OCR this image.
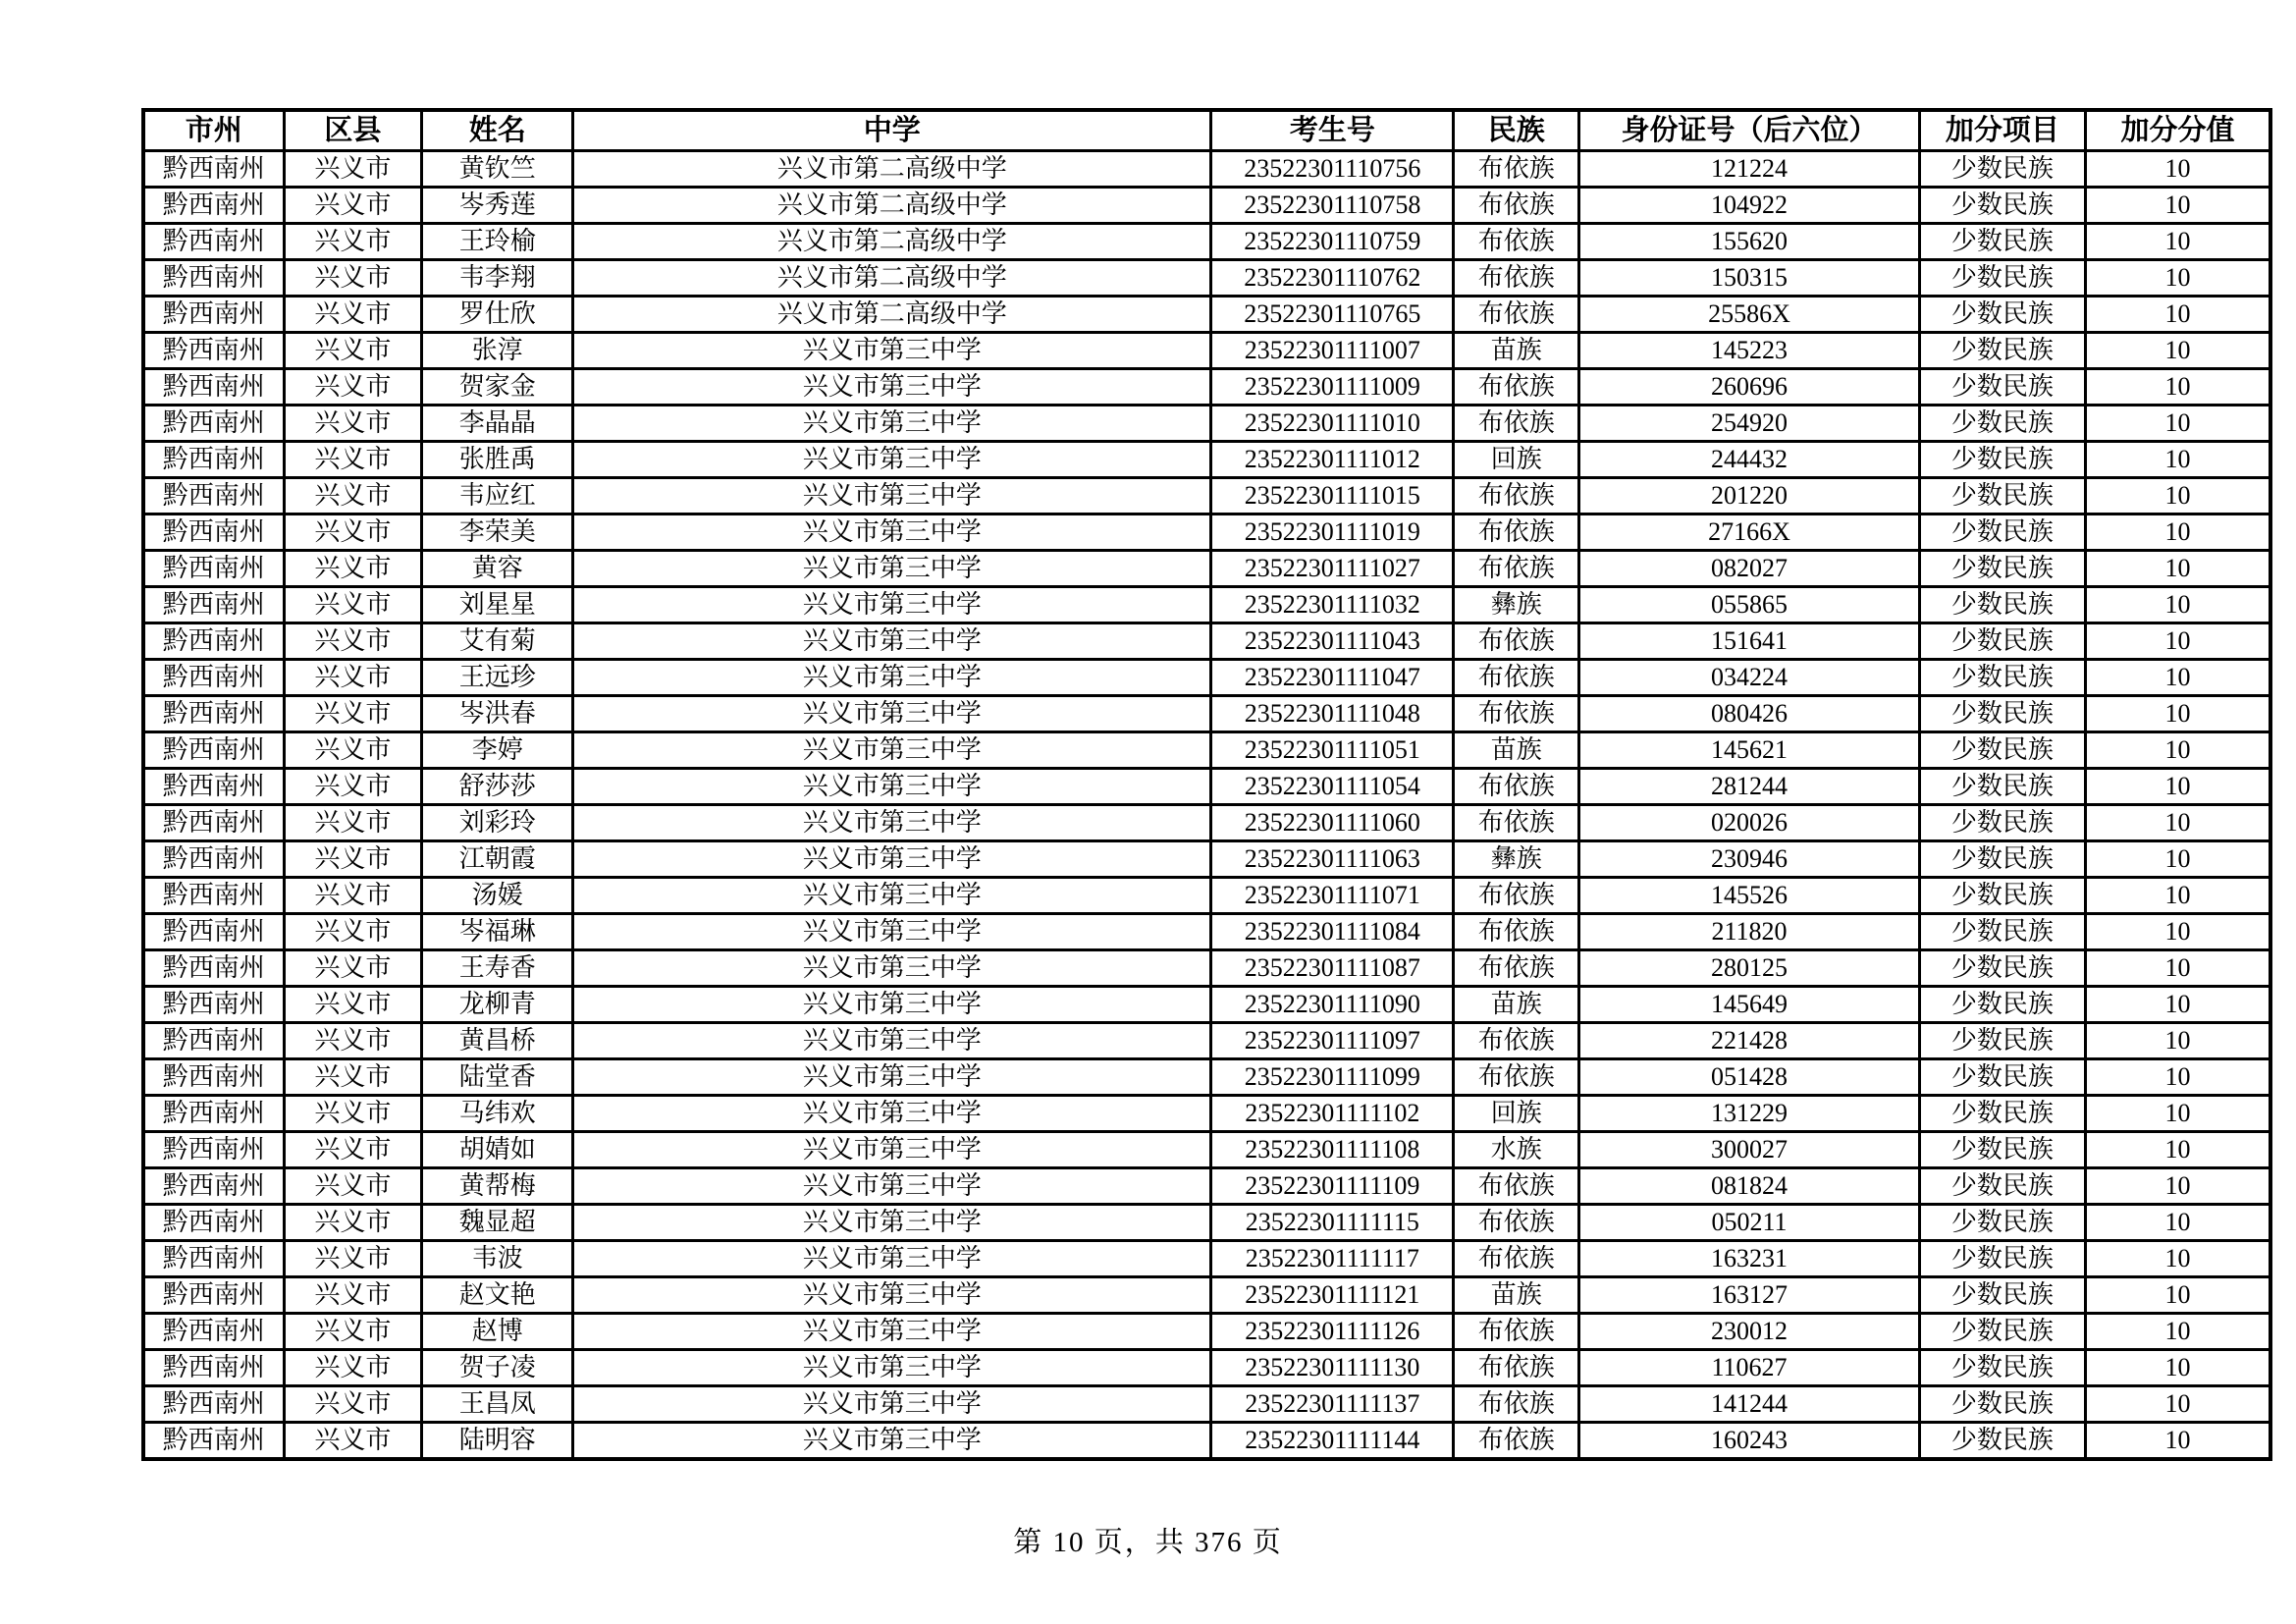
市州	区县	姓名	中学	考生号	民族	身份证号（后六位）	加分项目	加分分值
黔西南州	兴义市	黄钦竺	兴义市第二高级中学	23522301110756	布依族	121224	少数民族	10
黔西南州	兴义市	岑秀莲	兴义市第二高级中学	23522301110758	布依族	104922	少数民族	10
黔西南州	兴义市	王玲榆	兴义市第二高级中学	23522301110759	布依族	155620	少数民族	10
黔西南州	兴义市	韦李翔	兴义市第二高级中学	23522301110762	布依族	150315	少数民族	10
黔西南州	兴义市	罗仕欣	兴义市第二高级中学	23522301110765	布依族	25586X	少数民族	10
黔西南州	兴义市	张淳	兴义市第三中学	23522301111007	苗族	145223	少数民族	10
黔西南州	兴义市	贺家金	兴义市第三中学	23522301111009	布依族	260696	少数民族	10
黔西南州	兴义市	李晶晶	兴义市第三中学	23522301111010	布依族	254920	少数民族	10
黔西南州	兴义市	张胜禹	兴义市第三中学	23522301111012	回族	244432	少数民族	10
黔西南州	兴义市	韦应红	兴义市第三中学	23522301111015	布依族	201220	少数民族	10
黔西南州	兴义市	李荣美	兴义市第三中学	23522301111019	布依族	27166X	少数民族	10
黔西南州	兴义市	黄容	兴义市第三中学	23522301111027	布依族	082027	少数民族	10
黔西南州	兴义市	刘星星	兴义市第三中学	23522301111032	彝族	055865	少数民族	10
黔西南州	兴义市	艾有菊	兴义市第三中学	23522301111043	布依族	151641	少数民族	10
黔西南州	兴义市	王远珍	兴义市第三中学	23522301111047	布依族	034224	少数民族	10
黔西南州	兴义市	岑洪春	兴义市第三中学	23522301111048	布依族	080426	少数民族	10
黔西南州	兴义市	李婷	兴义市第三中学	23522301111051	苗族	145621	少数民族	10
黔西南州	兴义市	舒莎莎	兴义市第三中学	23522301111054	布依族	281244	少数民族	10
黔西南州	兴义市	刘彩玲	兴义市第三中学	23522301111060	布依族	020026	少数民族	10
黔西南州	兴义市	江朝霞	兴义市第三中学	23522301111063	彝族	230946	少数民族	10
黔西南州	兴义市	汤媛	兴义市第三中学	23522301111071	布依族	145526	少数民族	10
黔西南州	兴义市	岑福琳	兴义市第三中学	23522301111084	布依族	211820	少数民族	10
黔西南州	兴义市	王寿香	兴义市第三中学	23522301111087	布依族	280125	少数民族	10
黔西南州	兴义市	龙柳青	兴义市第三中学	23522301111090	苗族	145649	少数民族	10
黔西南州	兴义市	黄昌桥	兴义市第三中学	23522301111097	布依族	221428	少数民族	10
黔西南州	兴义市	陆堂香	兴义市第三中学	23522301111099	布依族	051428	少数民族	10
黔西南州	兴义市	马纬欢	兴义市第三中学	23522301111102	回族	131229	少数民族	10
黔西南州	兴义市	胡婧如	兴义市第三中学	23522301111108	水族	300027	少数民族	10
黔西南州	兴义市	黄帮梅	兴义市第三中学	23522301111109	布依族	081824	少数民族	10
黔西南州	兴义市	魏显超	兴义市第三中学	23522301111115	布依族	050211	少数民族	10
黔西南州	兴义市	韦波	兴义市第三中学	23522301111117	布依族	163231	少数民族	10
黔西南州	兴义市	赵文艳	兴义市第三中学	23522301111121	苗族	163127	少数民族	10
黔西南州	兴义市	赵博	兴义市第三中学	23522301111126	布依族	230012	少数民族	10
黔西南州	兴义市	贺子凌	兴义市第三中学	23522301111130	布依族	110627	少数民族	10
黔西南州	兴义市	王昌凤	兴义市第三中学	23522301111137	布依族	141244	少数民族	10
黔西南州	兴义市	陆明容	兴义市第三中学	23522301111144	布依族	160243	少数民族	10
第 10 页，共 376 页
